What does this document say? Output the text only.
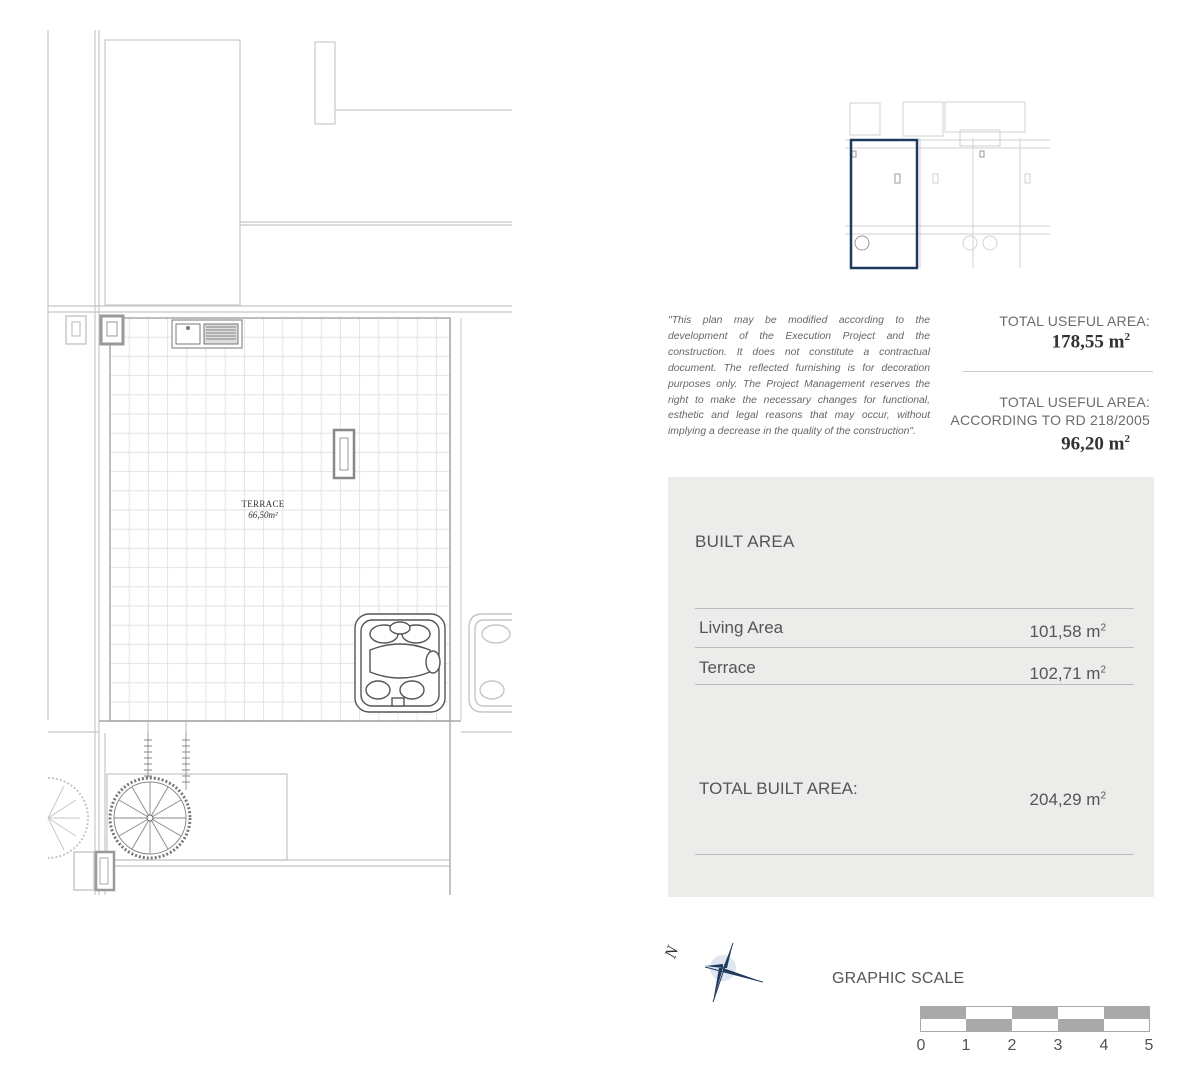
TERRACE
66,50m²
"This plan may be modified according to the development of the Execution Project and the construction. It does not constitute a contractual document. The reflected furnishing is for decoration purposes only. The Project Management reserves the right to make the necessary changes for functional, esthetic and legal reasons that may occur, without implying a decrease in the quality of the construction".
TOTAL USEFUL AREA:
178,55 $m^2$
TOTAL USEFUL AREA:
ACCORDING TO RD 218/2005
96,20 $m^2$
BUILT AREA
Living Area	101,58 $m^2$
Terrace	102,71 $m^2$
TOTAL BUILT AREA:
204,29 $m^2$
N
GRAPHIC SCALE
0	1	2	3	4	5
